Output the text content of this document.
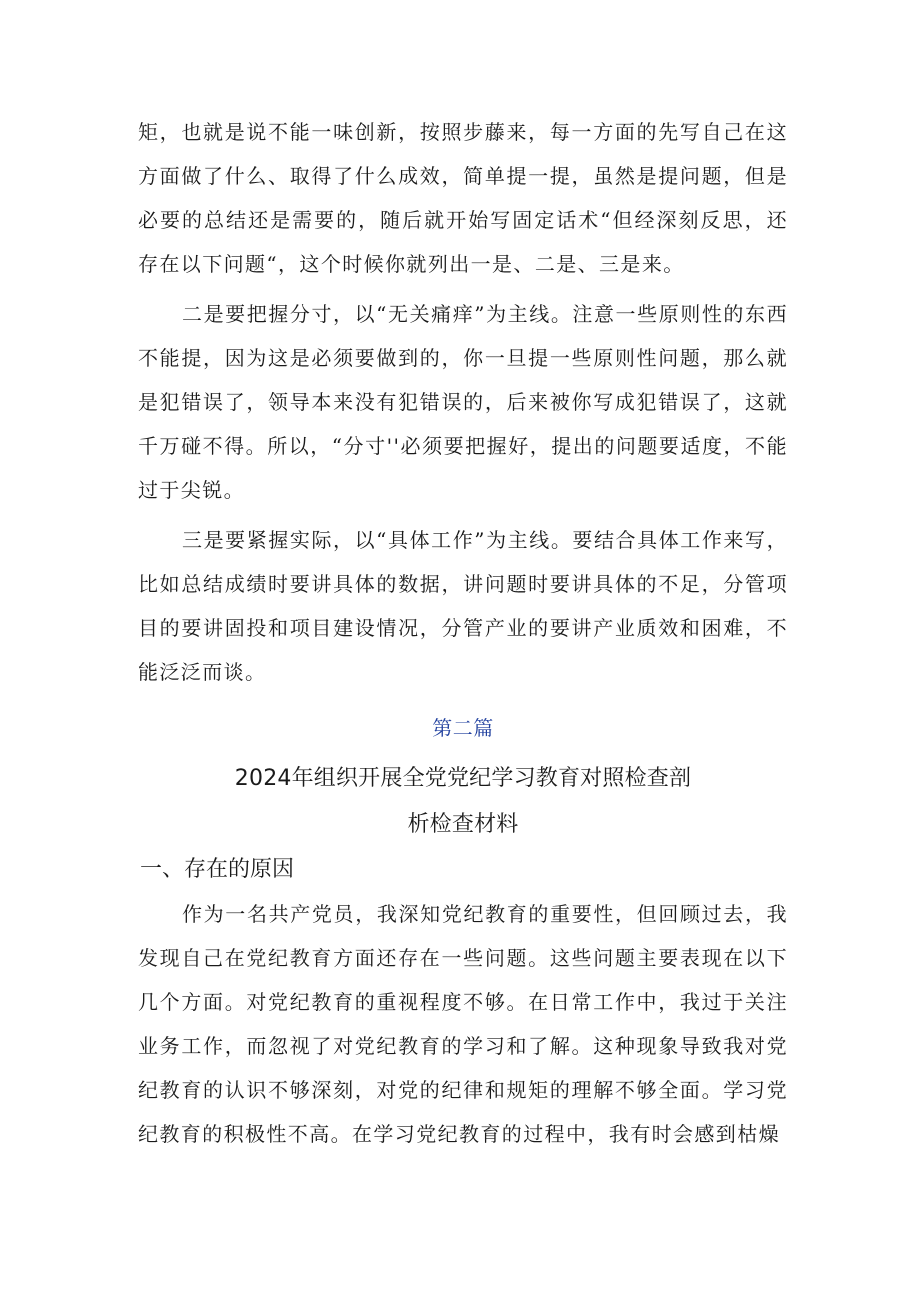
矩，也就是说不能一味创新，按照步藤来，每一方面的先写自己在这方面做了什么、取得了什么成效，简单提一提，虽然是提问题，但是必要的总结还是需要的，随后就开始写固定话术“但经深刻反思，还存在以下问题“，这个时候你就列出一是、二是、三是来。

二是要把握分寸，以“无关痛痒”为主线。注意一些原则性的东西不能提，因为这是必须要做到的，你一旦提一些原则性问题，那么就是犯错误了，领导本来没有犯错误的，后来被你写成犯错误了，这就千万碰不得。所以，“分寸''必须要把握好，提出的问题要适度，不能过于尖锐。

三是要紧握实际，以“具体工作”为主线。要结合具体工作来写，比如总结成绩时要讲具体的数据，讲问题时要讲具体的不足，分管项目的要讲固投和项目建设情况，分管产业的要讲产业质效和困难，不能泛泛而谈。

第二篇
2024年组织开展全党党纪学习教育对照检查剖
析检查材料
一、存在的原因

作为一名共产党员，我深知党纪教育的重要性，但回顾过去，我发现自己在党纪教育方面还存在一些问题。这些问题主要表现在以下几个方面。对党纪教育的重视程度不够。在日常工作中，我过于关注业务工作，而忽视了对党纪教育的学习和了解。这种现象导致我对党纪教育的认识不够深刻，对党的纪律和规矩的理解不够全面。学习党纪教育的积极性不高。在学习党纪教育的过程中，我有时会感到枯燥
